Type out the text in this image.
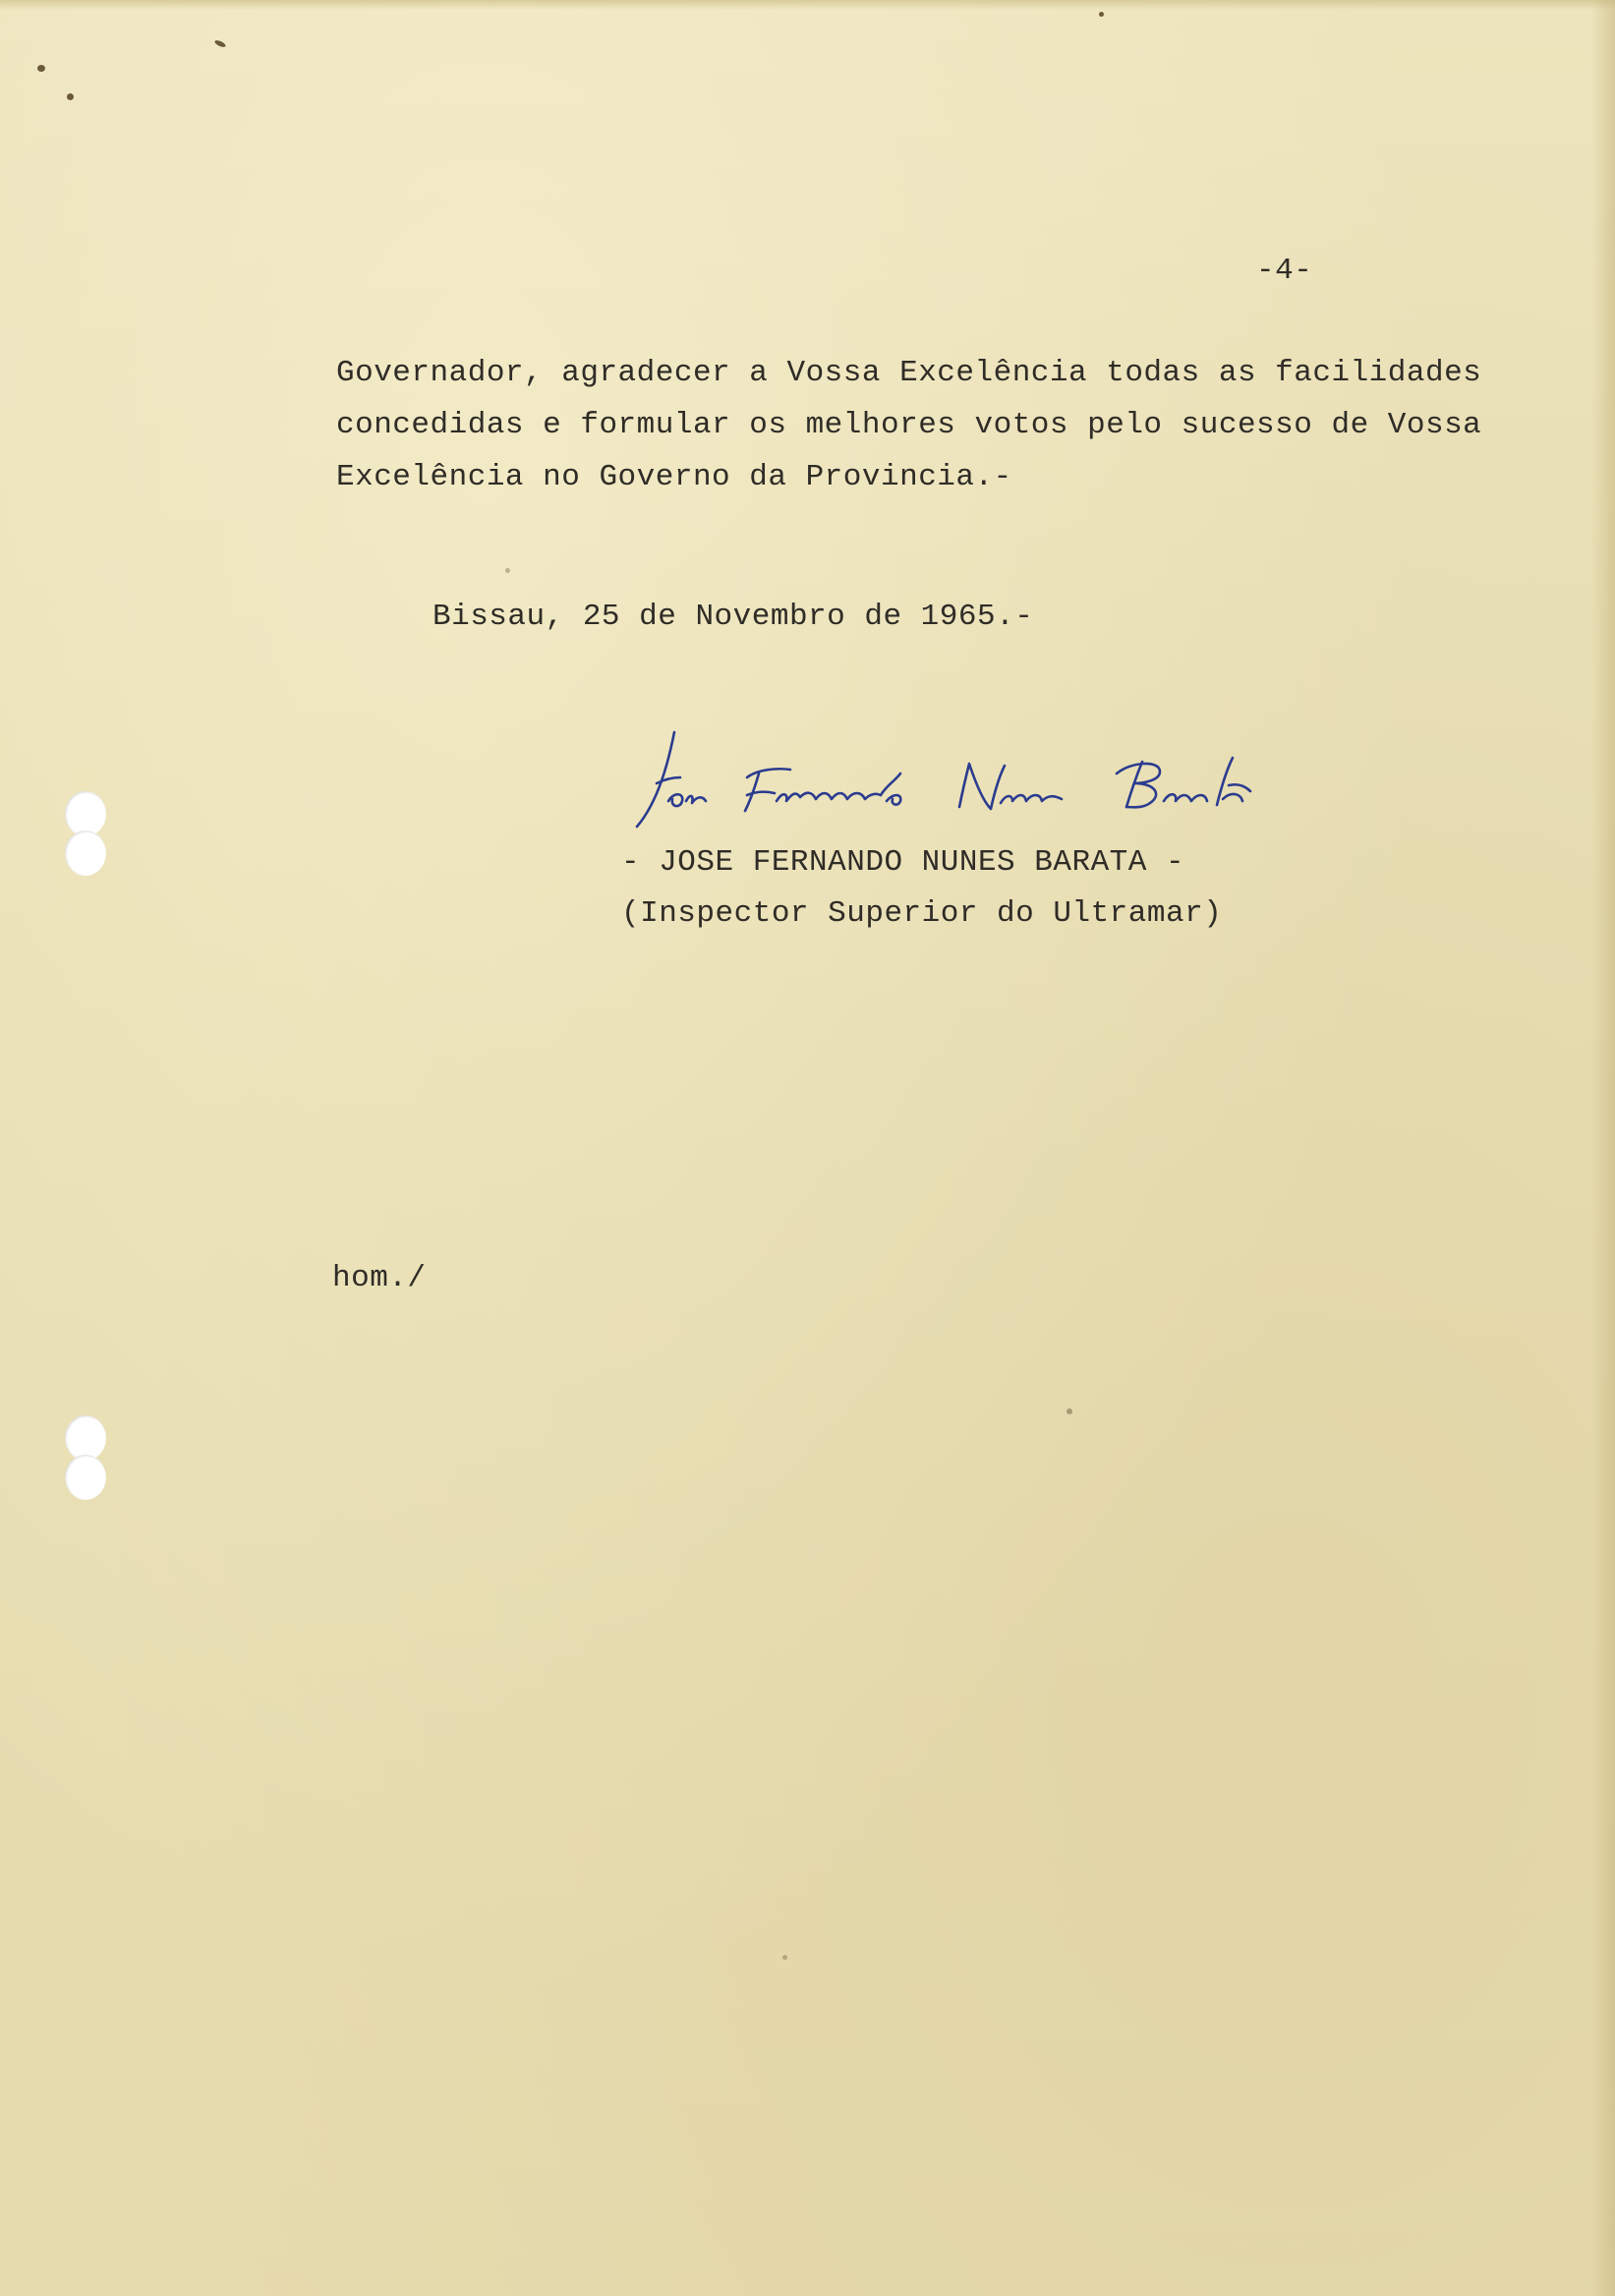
-4-
Governador, agradecer a Vossa Excelência todas as facilidades
concedidas e formular os melhores votos pelo sucesso de Vossa
Excelência no Governo da Provincia.-
Bissau, 25 de Novembro de 1965.-
- JOSE FERNANDO NUNES BARATA -
(Inspector Superior do Ultramar)
hom./
